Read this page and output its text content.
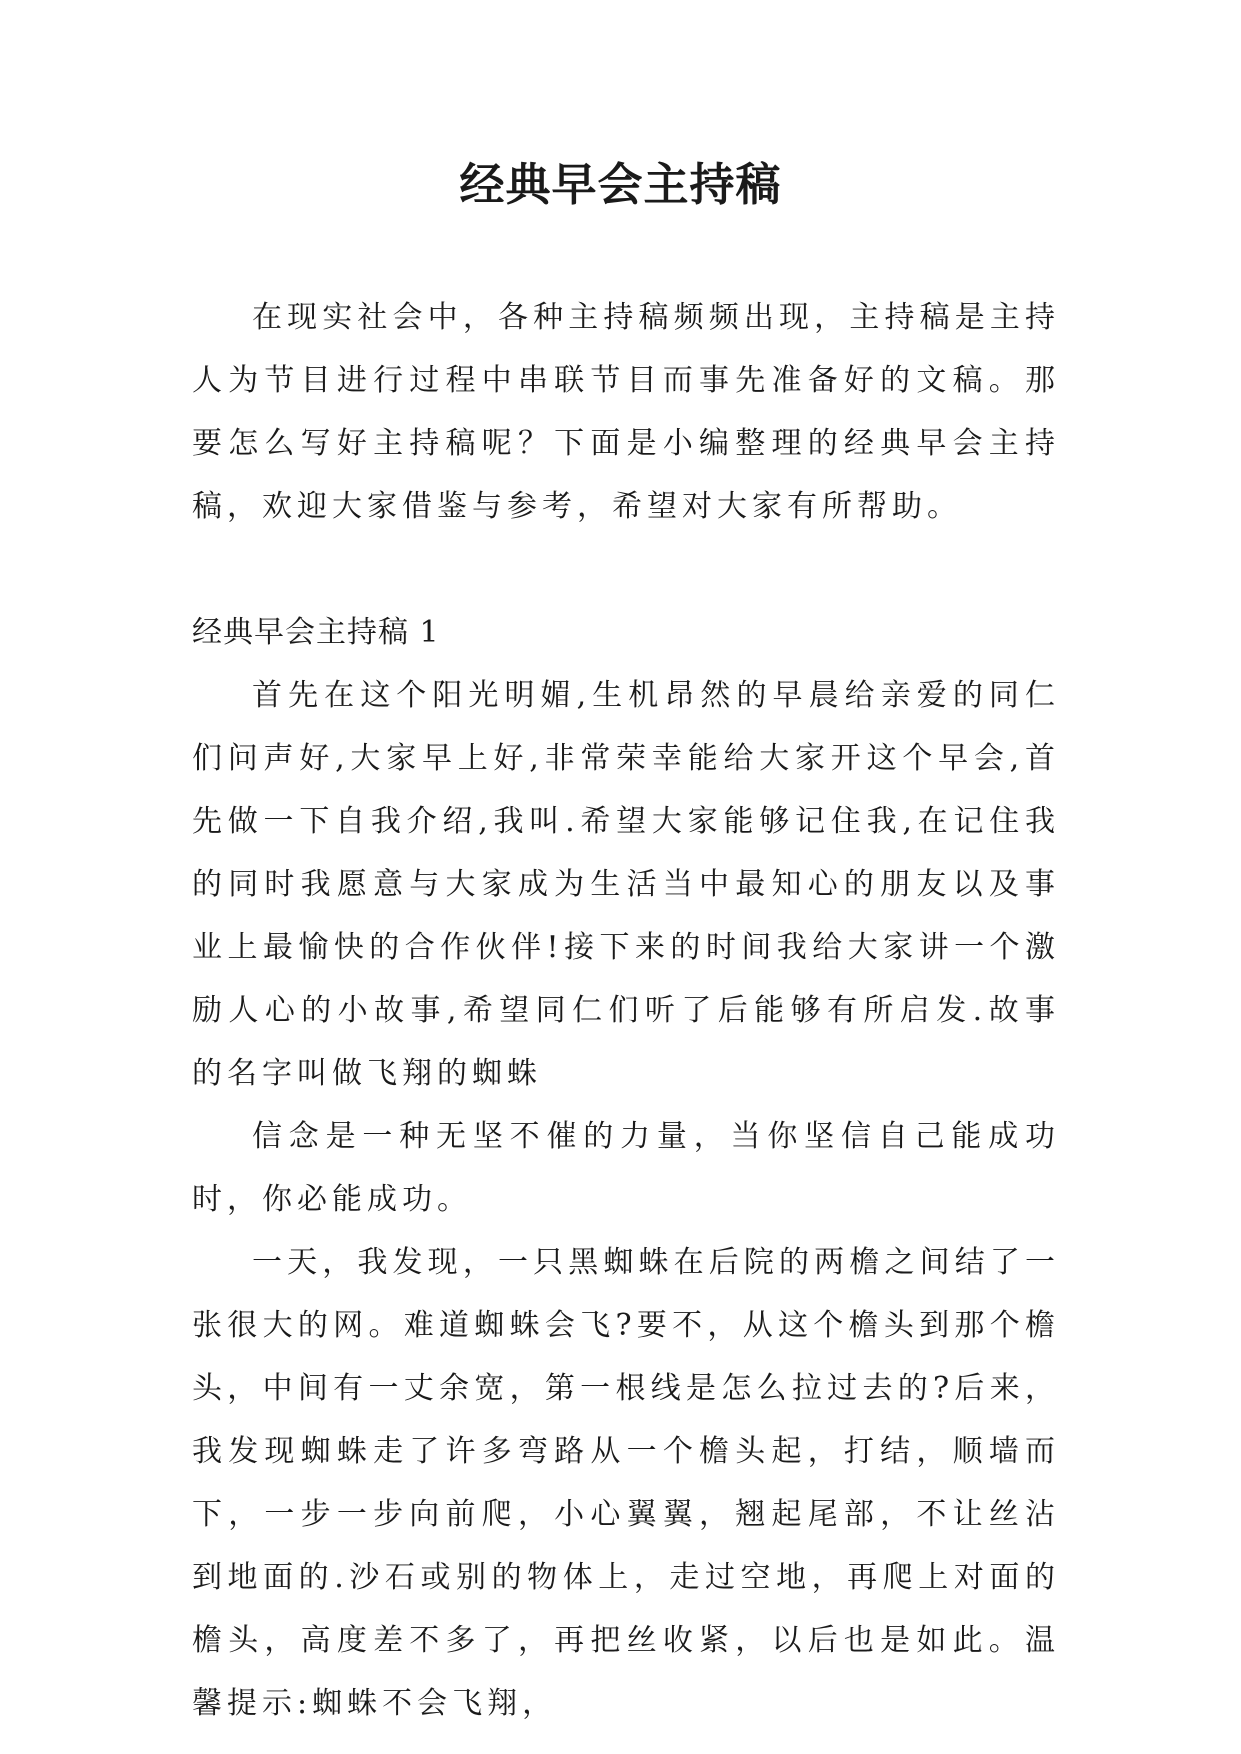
经典早会主持稿

在现实社会中，各种主持稿频频出现，主持稿是主持人为节目进行过程中串联节目而事先准备好的文稿。那要怎么写好主持稿呢？下面是小编整理的经典早会主持稿，欢迎大家借鉴与参考，希望对大家有所帮助。

经典早会主持稿 1

首先在这个阳光明媚,生机昂然的早晨给亲爱的同仁们问声好,大家早上好,非常荣幸能给大家开这个早会,首先做一下自我介绍,我叫.希望大家能够记住我,在记住我的同时我愿意与大家成为生活当中最知心的朋友以及事业上最愉快的合作伙伴!接下来的时间我给大家讲一个激励人心的小故事,希望同仁们听了后能够有所启发.故事的名字叫做飞翔的蜘蛛

信念是一种无坚不催的力量，当你坚信自己能成功时，你必能成功。

一天，我发现，一只黑蜘蛛在后院的两檐之间结了一张很大的网。难道蜘蛛会飞?要不，从这个檐头到那个檐头，中间有一丈余宽，第一根线是怎么拉过去的?后来，我发现蜘蛛走了许多弯路从一个檐头起，打结，顺墙而下，一步一步向前爬，小心翼翼，翘起尾部，不让丝沾到地面的.沙石或别的物体上，走过空地，再爬上对面的檐头，高度差不多了，再把丝收紧，以后也是如此。温馨提示:蜘蛛不会飞翔，
